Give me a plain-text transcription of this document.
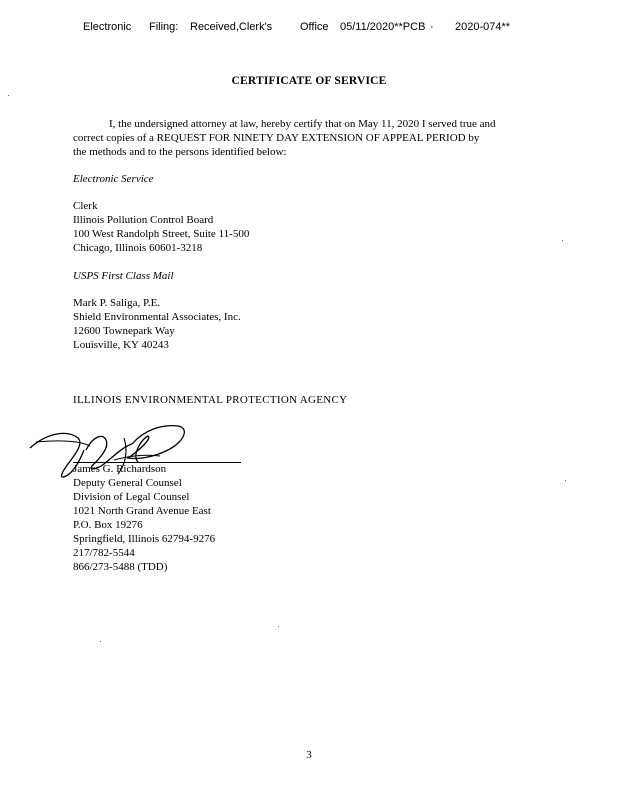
Electronic Filing: Received,Clerk's	Office 05/11/2020**PCB · 2020-074**
CERTIFICATE OF SERVICE
I, the undersigned attorney at law, hereby certify that on May 11, 2020 I served true and
correct copies of a REQUEST FOR NINETY DAY EXTENSION OF APPEAL PERIOD by
the methods and to the persons identified below:
Electronic Service
Clerk
Illinois Pollution Control Board
100 West Randolph Street, Suite 11-500
Chicago, Illinois 60601-3218
USPS First Class Mail
Mark P. Saliga, P.E.
Shield Environmental Associates, Inc.
12600 Townepark Way
Louisville, KY 40243
ILLINOIS ENVIRONMENTAL PROTECTION AGENCY
James G. Richardson
Deputy General Counsel
Division of Legal Counsel
1021 North Grand Avenue East
P.O. Box 19276
Springfield, Illinois 62794-9276
217/782-5544
866/273-5488 (TDD)
3
